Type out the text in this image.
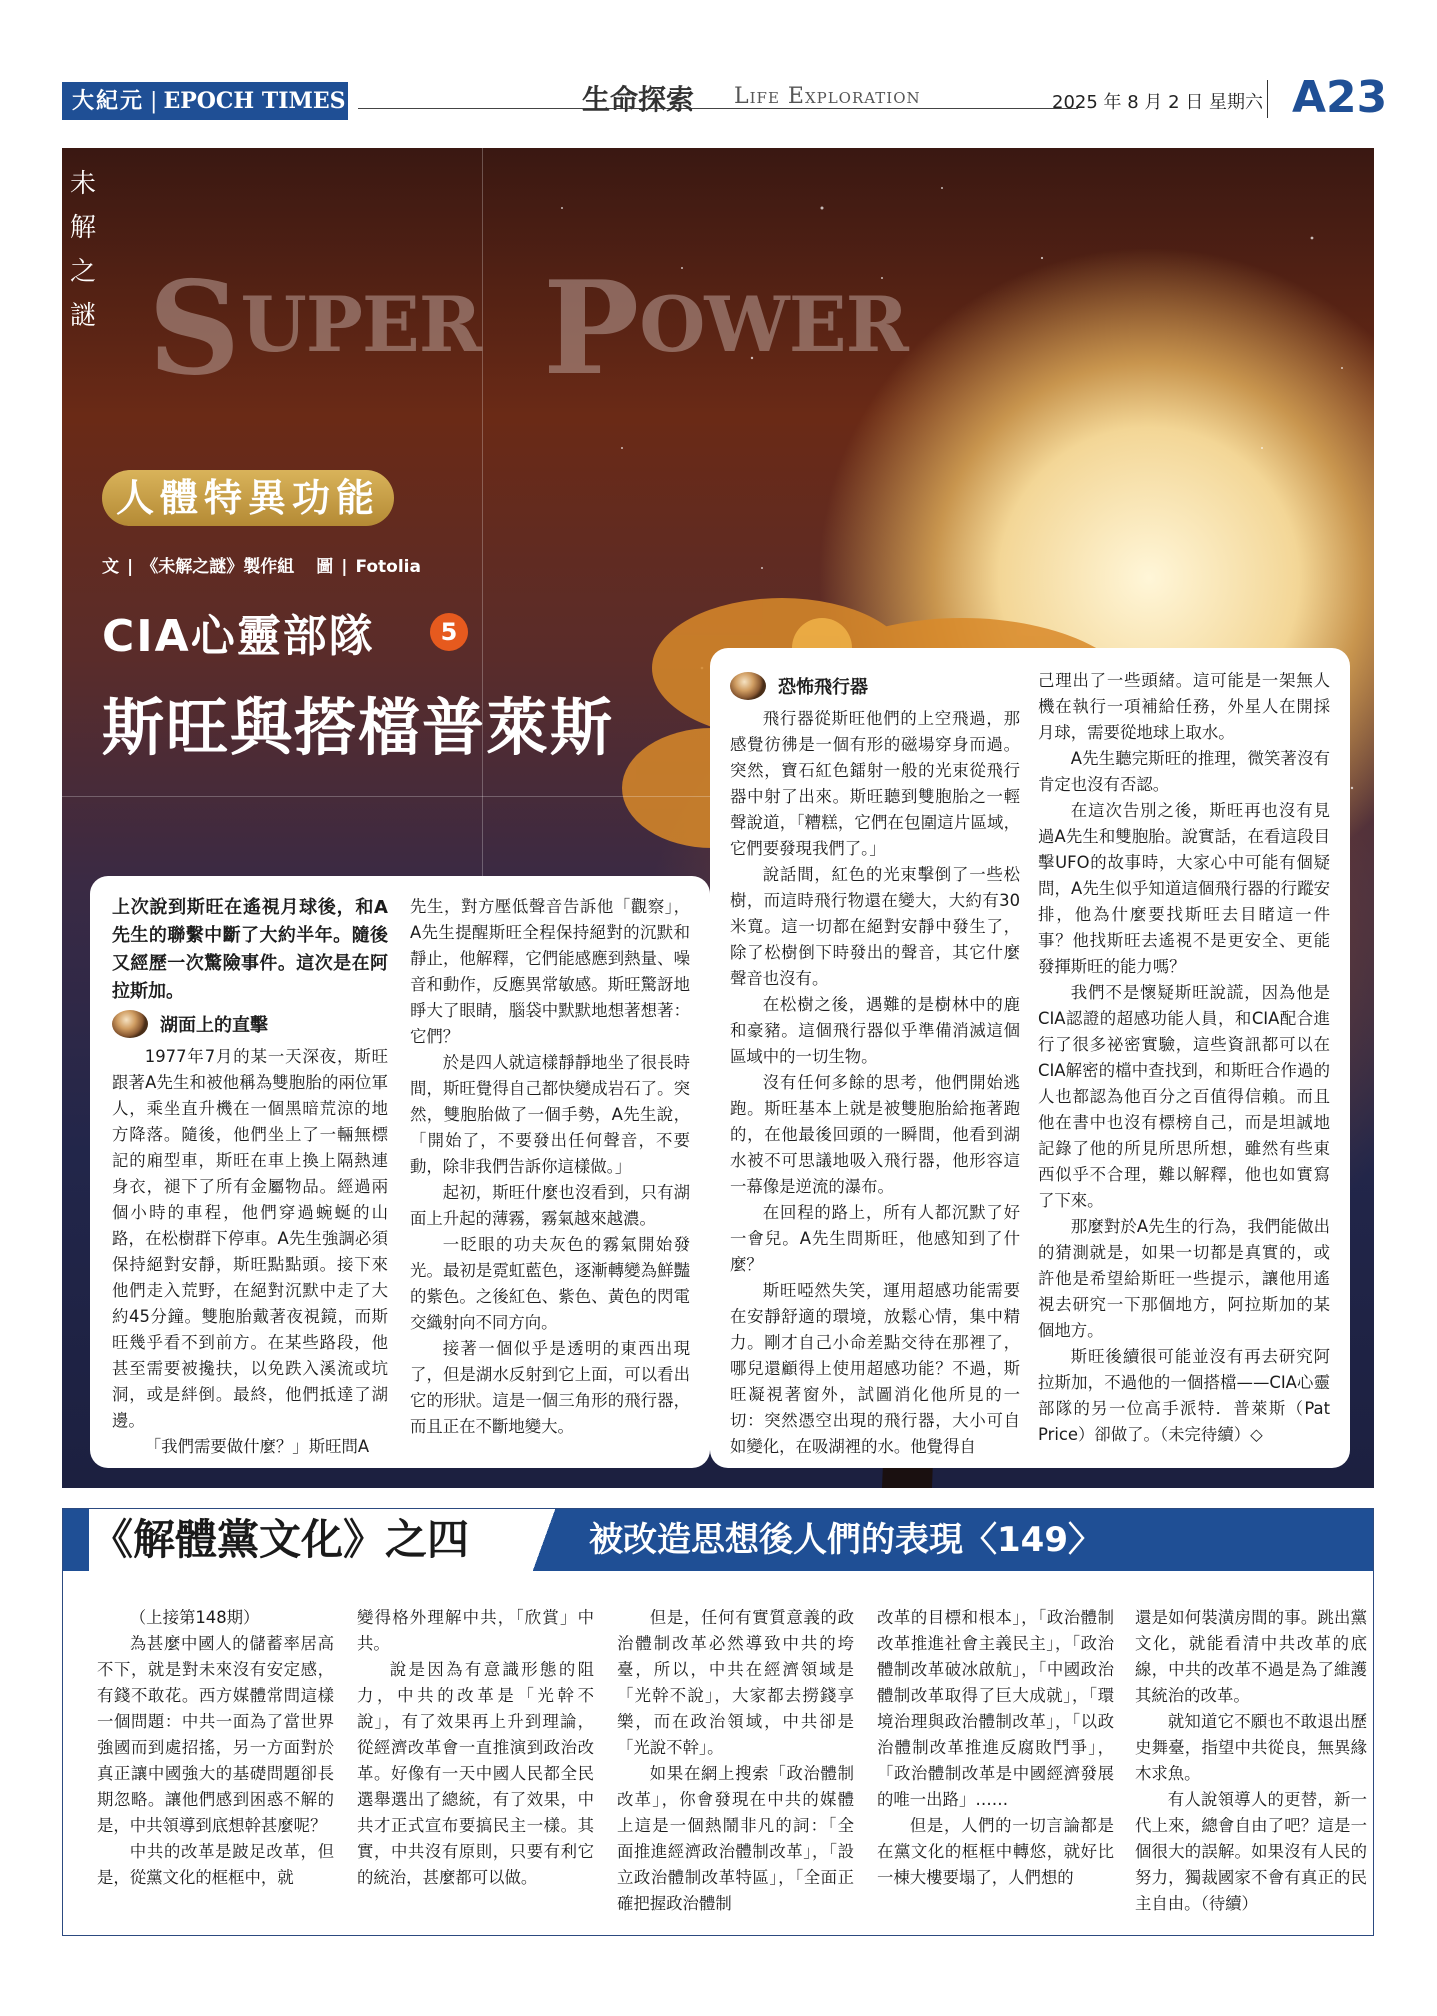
大紀元 | EPOCH TIMES	生命探索 Life Exploration	2025 年 8 月 2 日 星期六 A23
未
解
之
謎 SUPER POWER
人體特異功能
文 | 《未解之謎》製作組 圖 | Fotolia
CIA心靈部隊	5
斯旺與搭檔普萊斯

上次說到斯旺在遙視月球後，和A先生的聯繫中斷了大約半年。隨後又經歷一次驚險事件。這次是在阿拉斯加。

湖面上的直擊

1977年7月的某一天深夜，斯旺跟著A先生和被他稱為雙胞胎的兩位軍人，乘坐直升機在一個黑暗荒涼的地方降落。隨後，他們坐上了一輛無標記的廂型車，斯旺在車上換上隔熱連身衣，褪下了所有金屬物品。經過兩個小時的車程，他們穿過蜿蜒的山路，在松樹群下停車。A先生強調必須保持絕對安靜，斯旺點點頭。接下來他們走入荒野，在絕對沉默中走了大約45分鐘。雙胞胎戴著夜視鏡，而斯旺幾乎看不到前方。在某些路段，他甚至需要被攙扶，以免跌入溪流或坑洞，或是絆倒。最終，他們抵達了湖邊。

「我們需要做什麼？」斯旺問A

先生，對方壓低聲音告訴他「觀察」，A先生提醒斯旺全程保持絕對的沉默和靜止，他解釋，它們能感應到熱量、噪音和動作，反應異常敏感。斯旺驚訝地睜大了眼睛，腦袋中默默地想著想著：它們？

於是四人就這樣靜靜地坐了很長時間，斯旺覺得自己都快變成岩石了。突然，雙胞胎做了一個手勢，A先生說，「開始了，不要發出任何聲音，不要動，除非我們告訴你這樣做。」

起初，斯旺什麼也沒看到，只有湖面上升起的薄霧，霧氣越來越濃。

一眨眼的功夫灰色的霧氣開始發光。最初是霓虹藍色，逐漸轉變為鮮豔的紫色。之後紅色、紫色、黃色的閃電交織射向不同方向。

接著一個似乎是透明的東西出現了，但是湖水反射到它上面，可以看出它的形狀。這是一個三角形的飛行器，而且正在不斷地變大。

恐怖飛行器

飛行器從斯旺他們的上空飛過，那感覺彷彿是一個有形的磁場穿身而過。突然，寶石紅色鐳射一般的光束從飛行器中射了出來。斯旺聽到雙胞胎之一輕聲說道，「糟糕，它們在包圍這片區域，它們要發現我們了。」

說話間，紅色的光束擊倒了一些松樹，而這時飛行物還在變大，大約有30米寬。這一切都在絕對安靜中發生了，除了松樹倒下時發出的聲音，其它什麼聲音也沒有。

在松樹之後，遇難的是樹林中的鹿和豪豬。這個飛行器似乎準備消滅這個區域中的一切生物。

沒有任何多餘的思考，他們開始逃跑。斯旺基本上就是被雙胞胎給拖著跑的，在他最後回頭的一瞬間，他看到湖水被不可思議地吸入飛行器，他形容這一幕像是逆流的瀑布。

在回程的路上，所有人都沉默了好一會兒。A先生問斯旺，他感知到了什麼？

斯旺啞然失笑，運用超感功能需要在安靜舒適的環境，放鬆心情，集中精力。剛才自己小命差點交待在那裡了，哪兒還顧得上使用超感功能？不過，斯旺凝視著窗外，試圖消化他所見的一切：突然憑空出現的飛行器，大小可自如變化，在吸湖裡的水。他覺得自

己理出了一些頭緒。這可能是一架無人機在執行一項補給任務，外星人在開採月球，需要從地球上取水。

A先生聽完斯旺的推理，微笑著沒有肯定也沒有否認。

在這次告別之後，斯旺再也沒有見過A先生和雙胞胎。說實話，在看這段目擊UFO的故事時，大家心中可能有個疑問，A先生似乎知道這個飛行器的行蹤安排，他為什麼要找斯旺去目睹這一件事？他找斯旺去遙視不是更安全、更能發揮斯旺的能力嗎？

我們不是懷疑斯旺說謊，因為他是CIA認證的超感功能人員，和CIA配合進行了很多祕密實驗，這些資訊都可以在CIA解密的檔中查找到，和斯旺合作過的人也都認為他百分之百值得信賴。而且他在書中也沒有標榜自己，而是坦誠地記錄了他的所見所思所想，雖然有些東西似乎不合理，難以解釋，他也如實寫了下來。

那麼對於A先生的行為，我們能做出的猜測就是，如果一切都是真實的，或許他是希望給斯旺一些提示，讓他用遙視去研究一下那個地方，阿拉斯加的某個地方。

斯旺後續很可能並沒有再去研究阿拉斯加，不過他的一個搭檔——CIA心靈部隊的另一位高手派特．普萊斯（Pat Price）卻做了。（未完待續）◇

《解體黨文化》之四	被改造思想後人們的表現〈149〉

（上接第148期）

為甚麼中國人的儲蓄率居高不下，就是對未來沒有安定感，有錢不敢花。西方媒體常問這樣一個問題：中共一面為了當世界強國而到處招搖，另一方面對於真正讓中國強大的基礎問題卻長期忽略。讓他們感到困惑不解的是，中共領導到底想幹甚麼呢？

中共的改革是跛足改革，但是，從黨文化的框框中，就

變得格外理解中共，「欣賞」中共。

說是因為有意識形態的阻力，中共的改革是「光幹不說」，有了效果再上升到理論，從經濟改革會一直推演到政治改革。好像有一天中國人民都全民選舉選出了總統，有了效果，中共才正式宣布要搞民主一樣。其實，中共沒有原則，只要有利它的統治，甚麼都可以做。

但是，任何有實質意義的政治體制改革必然導致中共的垮臺，所以，中共在經濟領域是「光幹不說」，大家都去撈錢享樂，而在政治領域，中共卻是「光說不幹」。

如果在網上搜索「政治體制改革」，你會發現在中共的媒體上這是一個熱鬧非凡的詞：「全面推進經濟政治體制改革」，「設立政治體制改革特區」，「全面正確把握政治體制

改革的目標和根本」，「政治體制改革推進社會主義民主」，「政治體制改革破冰啟航」，「中國政治體制改革取得了巨大成就」，「環境治理與政治體制改革」，「以政治體制改革推進反腐敗鬥爭」，「政治體制改革是中國經濟發展的唯一出路」……

但是，人們的一切言論都是在黨文化的框框中轉悠，就好比一棟大樓要塌了，人們想的

還是如何裝潢房間的事。跳出黨文化，就能看清中共改革的底線，中共的改革不過是為了維護其統治的改革。

就知道它不願也不敢退出歷史舞臺，指望中共從良，無異緣木求魚。

有人說領導人的更替，新一代上來，總會自由了吧？這是一個很大的誤解。如果沒有人民的努力，獨裁國家不會有真正的民主自由。（待續）
